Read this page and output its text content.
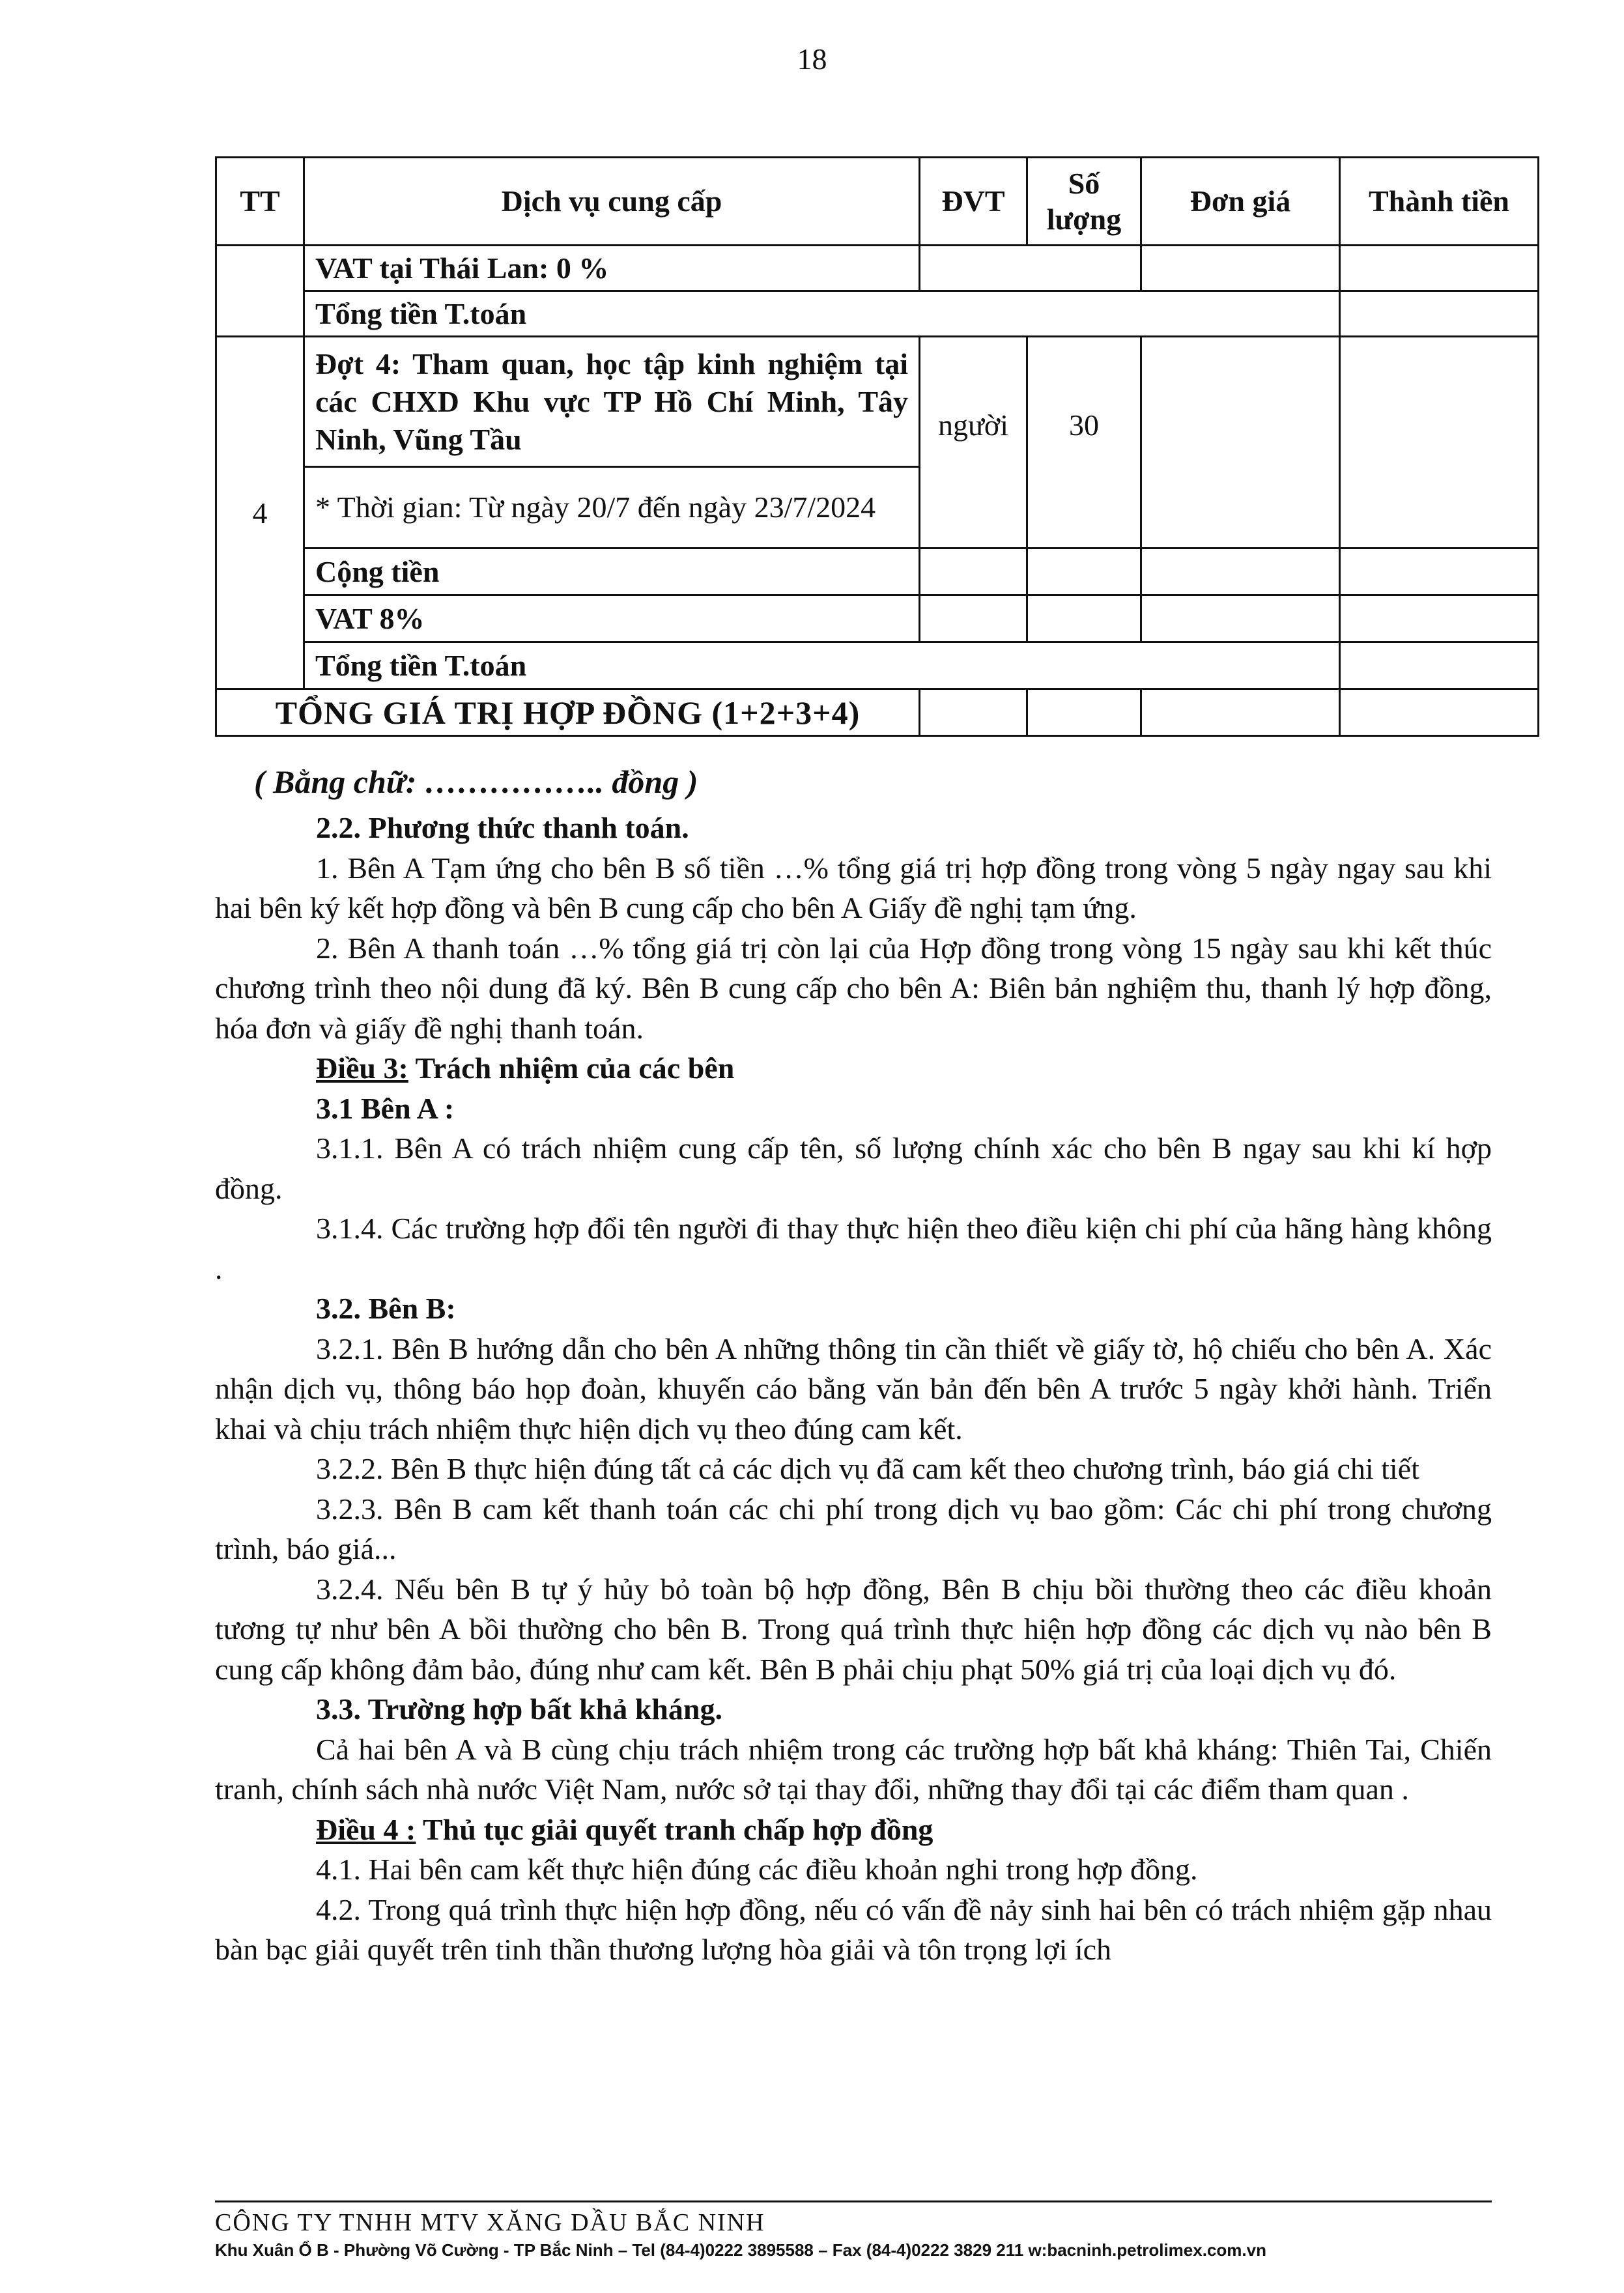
18
TT	Dịch vụ cung cấp	ĐVT	Số lượng	Đơn giá	Thành tiền
	VAT tại Thái Lan: 0 %				
	Tổng tiền T.toán				
4	Đợt 4: Tham quan, học tập kinh nghiệm tại các CHXD Khu vực TP Hồ Chí Minh, Tây Ninh, Vũng Tầu	người	30		
	* Thời gian: Từ ngày 20/7 đến ngày 23/7/2024				
	Cộng tiền				
	VAT 8%				
	Tổng tiền T.toán				
TỔNG GIÁ TRỊ HỢP ĐỒNG (1+2+3+4)					

( Bằng chữ: …………….. đồng )

2.2. Phương thức thanh toán.

1. Bên A Tạm ứng cho bên B số tiền …% tổng giá trị hợp đồng trong vòng 5 ngày ngay sau khi hai bên ký kết hợp đồng và bên B cung cấp cho bên A Giấy đề nghị tạm ứng.

2. Bên A thanh toán …% tổng giá trị còn lại của Hợp đồng trong vòng 15 ngày sau khi kết thúc chương trình theo nội dung đã ký. Bên B cung cấp cho bên A: Biên bản nghiệm thu, thanh lý hợp đồng, hóa đơn và giấy đề nghị thanh toán.

Điều 3: Trách nhiệm của các bên

3.1 Bên A :

3.1.1. Bên A có trách nhiệm cung cấp tên, số lượng chính xác cho bên B ngay sau khi kí hợp đồng.

3.1.4. Các trường hợp đổi tên người đi thay thực hiện theo điều kiện chi phí của hãng hàng không .

3.2. Bên B:

3.2.1. Bên B hướng dẫn cho bên A những thông tin cần thiết về giấy tờ, hộ chiếu cho bên A. Xác nhận dịch vụ, thông báo họp đoàn, khuyến cáo bằng văn bản đến bên A trước 5 ngày khởi hành. Triển khai và chịu trách nhiệm thực hiện dịch vụ theo đúng cam kết.

3.2.2. Bên B thực hiện đúng tất cả các dịch vụ đã cam kết theo chương trình, báo giá chi tiết

3.2.3. Bên B cam kết thanh toán các chi phí trong dịch vụ bao gồm: Các chi phí trong chương trình, báo giá...

3.2.4. Nếu bên B tự ý hủy bỏ toàn bộ hợp đồng, Bên B chịu bồi thường theo các điều khoản tương tự như bên A bồi thường cho bên B. Trong quá trình thực hiện hợp đồng các dịch vụ nào bên B cung cấp không đảm bảo, đúng như cam kết. Bên B phải chịu phạt 50% giá trị của loại dịch vụ đó.

3.3. Trường hợp bất khả kháng.

Cả hai bên A và B cùng chịu trách nhiệm trong các trường hợp bất khả kháng: Thiên Tai, Chiến tranh, chính sách nhà nước Việt Nam, nước sở tại thay đổi, những thay đổi tại các điểm tham quan .

Điều 4 : Thủ tục giải quyết tranh chấp hợp đồng

4.1. Hai bên cam kết thực hiện đúng các điều khoản nghi trong hợp đồng.

4.2. Trong quá trình thực hiện hợp đồng, nếu có vấn đề nảy sinh hai bên có trách nhiệm gặp nhau bàn bạc giải quyết trên tinh thần thương lượng hòa giải và tôn trọng lợi ích

CÔNG TY TNHH MTV XĂNG DẦU BẮC NINH
Khu Xuân Ổ B - Phường Võ Cường - TP Bắc Ninh – Tel (84-4)0222 3895588 – Fax (84-4)0222 3829 211 w:bacninh.petrolimex.com.vn
